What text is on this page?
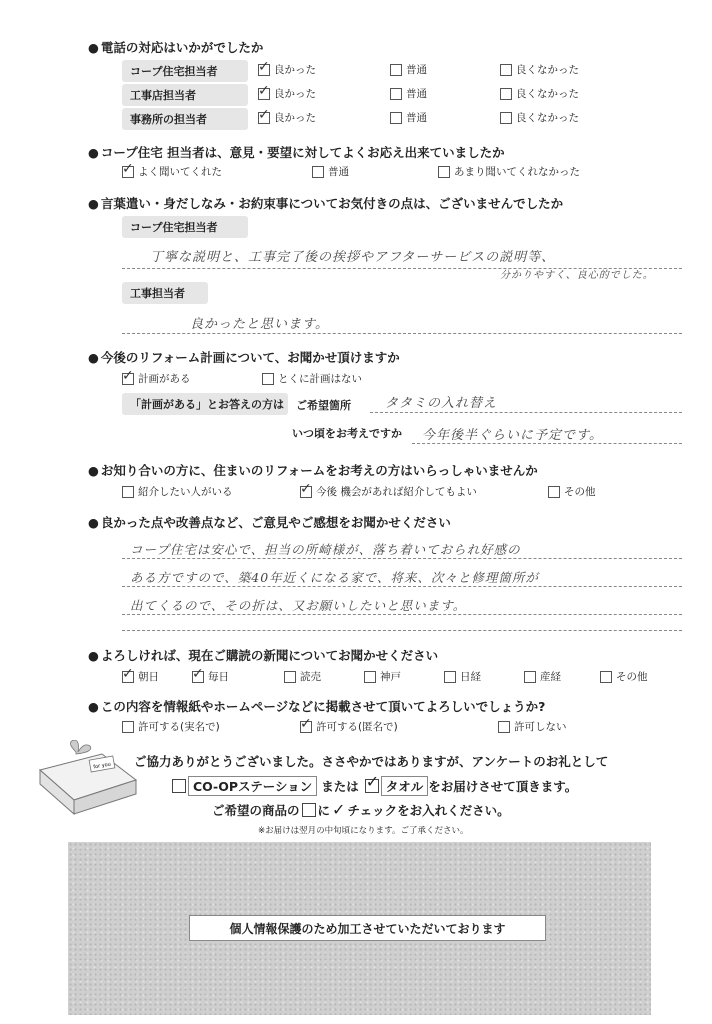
● 電話の対応はいかがでしたか
コープ住宅担当者 ✓	良かった	普通	良くなかった
工事店担当者 ✓	良かった	普通	良くなかった
事務所の担当者 ✓	良かった	普通	良くなかった
● コープ住宅 担当者は、意見・要望に対してよくお応え出来ていましたか
✓
よく聞いてくれた	普通	あまり聞いてくれなかった
● 言葉遣い・身だしなみ・お約束事についてお気付きの点は、ございませんでしたか
コープ住宅担当者
丁寧な説明と、工事完了後の挨拶やアフターサービスの説明等、
分かりやすく、良心的でした。
工事担当者
良かったと思います。
● 今後のリフォーム計画について、お聞かせ頂けますか
✓
計画がある	とくに計画はない
「計画がある」とお答えの方は	ご希望箇所	タタミの入れ替え
いつ頃をお考えですか 今年後半ぐらいに予定です。
● お知り合いの方に、住まいのリフォームをお考えの方はいらっしゃいませんか
紹介したい人がいる ✓	今後 機会があれば紹介してもよい	その他
● 良かった点や改善点など、ご意見やご感想をお聞かせください
コープ住宅は安心で、担当の所崎様が、落ち着いておられ好感の
ある方ですので、築40年近くになる家で、将来、次々と修理箇所が
出てくるので、その折は、又お願いしたいと思います。
● よろしければ、現在ご購読の新聞についてお聞かせください
✓
朝日 ✓	毎日	読売	神戸	日経	産経	その他
● この内容を情報紙やホームページなどに掲載させて頂いてよろしいでしょうか?
許可する(実名で) ✓	許可する(匿名で)	許可しない
for you ご協力ありがとうございました。ささやかではありますが、アンケートのお礼として
CO-OPステーション または ✓ タオル をお届けさせて頂きます。
ご希望の商品の に ✓ チェックをお入れください。
※お届けは翌月の中旬頃になります。ご了承ください。
個人情報保護のため加工させていただいております
